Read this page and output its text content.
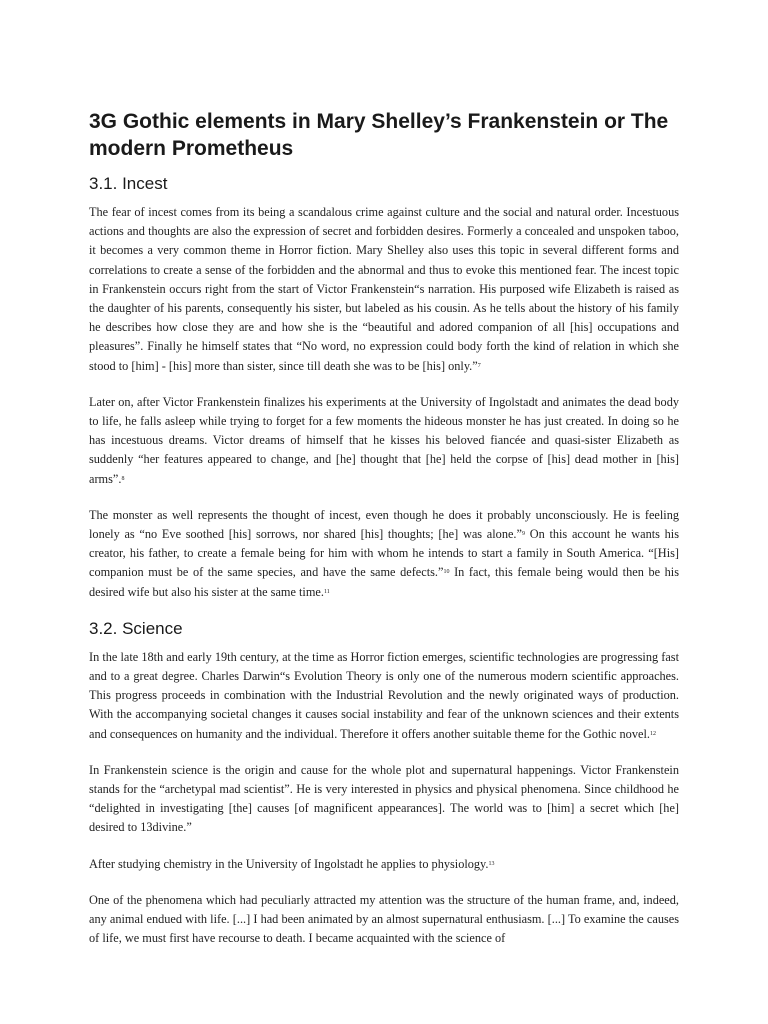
3G Gothic elements in Mary Shelley’s Frankenstein or The modern Prometheus
3.1. Incest

The fear of incest comes from its being a scandalous crime against culture and the social and natural order. Incestuous actions and thoughts are also the expression of secret and forbidden desires. Formerly a concealed and unspoken taboo, it becomes a very common theme in Horror fiction. Mary Shelley also uses this topic in several different forms and correlations to create a sense of the forbidden and the abnormal and thus to evoke this mentioned fear. The incest topic in Frankenstein occurs right from the start of Victor Frankenstein“s narration. His purposed wife Elizabeth is raised as the daughter of his parents, consequently his sister, but labeled as his cousin. As he tells about the history of his family he describes how close they are and how she is the “beautiful and adored companion of all [his] occupations and pleasures”. Finally he himself states that “No word, no expression could body forth the kind of relation in which she stood to [him] - [his] more than sister, since till death she was to be [his] only.”$^7$

Later on, after Victor Frankenstein finalizes his experiments at the University of Ingolstadt and animates the dead body to life, he falls asleep while trying to forget for a few moments the hideous monster he has just created. In doing so he has incestuous dreams. Victor dreams of himself that he kisses his beloved fiancée and quasi-sister Elizabeth as suddenly “her features appeared to change, and [he] thought that [he] held the corpse of [his] dead mother in [his] arms”.$^8$

The monster as well represents the thought of incest, even though he does it probably unconsciously. He is feeling lonely as “no Eve soothed [his] sorrows, nor shared [his] thoughts; [he] was alone.”$^9$ On this account he wants his creator, his father, to create a female being for him with whom he intends to start a family in South America. “[His] companion must be of the same species, and have the same defects.”$^{10}$ In fact, this female being would then be his desired wife but also his sister at the same time.$^{11}$

3.2. Science

In the late 18th and early 19th century, at the time as Horror fiction emerges, scientific technologies are progressing fast and to a great degree. Charles Darwin“s Evolution Theory is only one of the numerous modern scientific approaches. This progress proceeds in combination with the Industrial Revolution and the newly originated ways of production. With the accompanying societal changes it causes social instability and fear of the unknown sciences and their extents and consequences on humanity and the individual. Therefore it offers another suitable theme for the Gothic novel.$^{12}$

In Frankenstein science is the origin and cause for the whole plot and supernatural happenings. Victor Frankenstein stands for the “archetypal mad scientist”. He is very interested in physics and physical phenomena. Since childhood he “delighted in investigating [the] causes [of magnificent appearances]. The world was to [him] a secret which [he] desired to 13divine.”

After studying chemistry in the University of Ingolstadt he applies to physiology.$^{13}$

One of the phenomena which had peculiarly attracted my attention was the structure of the human frame, and, indeed, any animal endued with life. [...] I had been animated by an almost supernatural enthusiasm. [...] To examine the causes of life, we must first have recourse to death. I became acquainted with the science of
